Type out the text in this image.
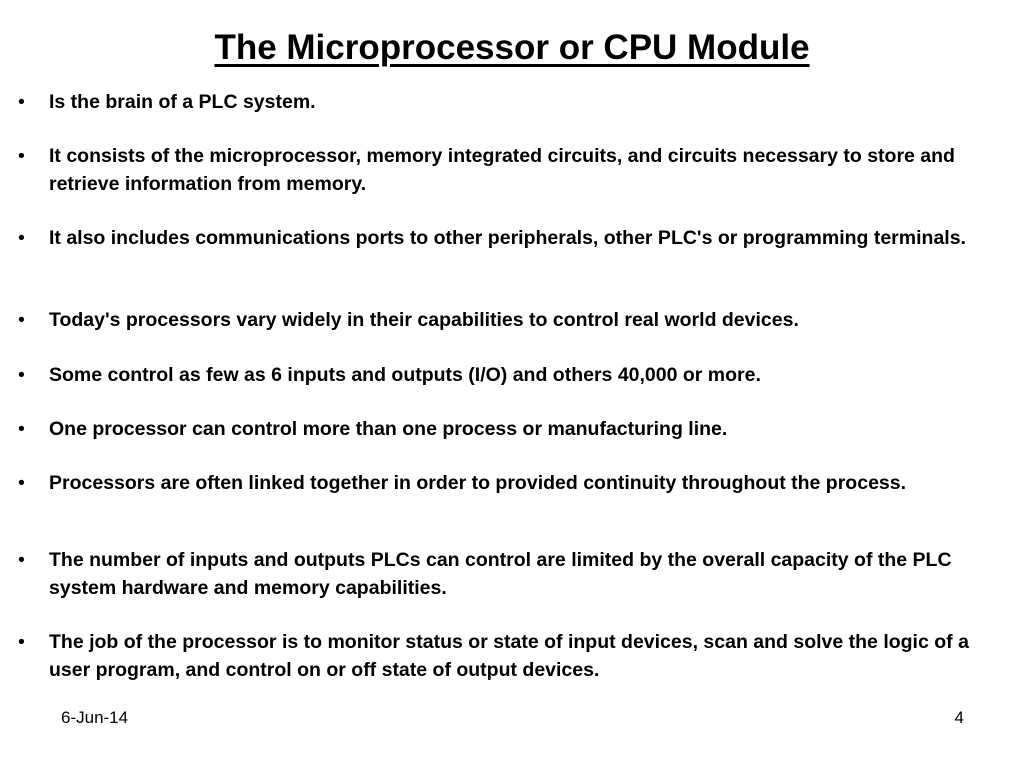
The Microprocessor or CPU Module
• Is the brain of a PLC system.
• It consists of the microprocessor, memory integrated circuits, and circuits necessary to store and retrieve information from memory.
• It also includes communications ports to other peripherals, other PLC's or programming terminals.
• Today's processors vary widely in their capabilities to control real world devices.
• Some control as few as 6 inputs and outputs (I/O) and others 40,000 or more.
• One processor can control more than one process or manufacturing line.
• Processors are often linked together in order to provided continuity throughout the process.
• The number of inputs and outputs PLCs can control are limited by the overall capacity of the PLC system hardware and memory capabilities.
• The job of the processor is to monitor status or state of input devices, scan and solve the logic of a user program, and control on or off state of output devices.
6-Jun-14	4
